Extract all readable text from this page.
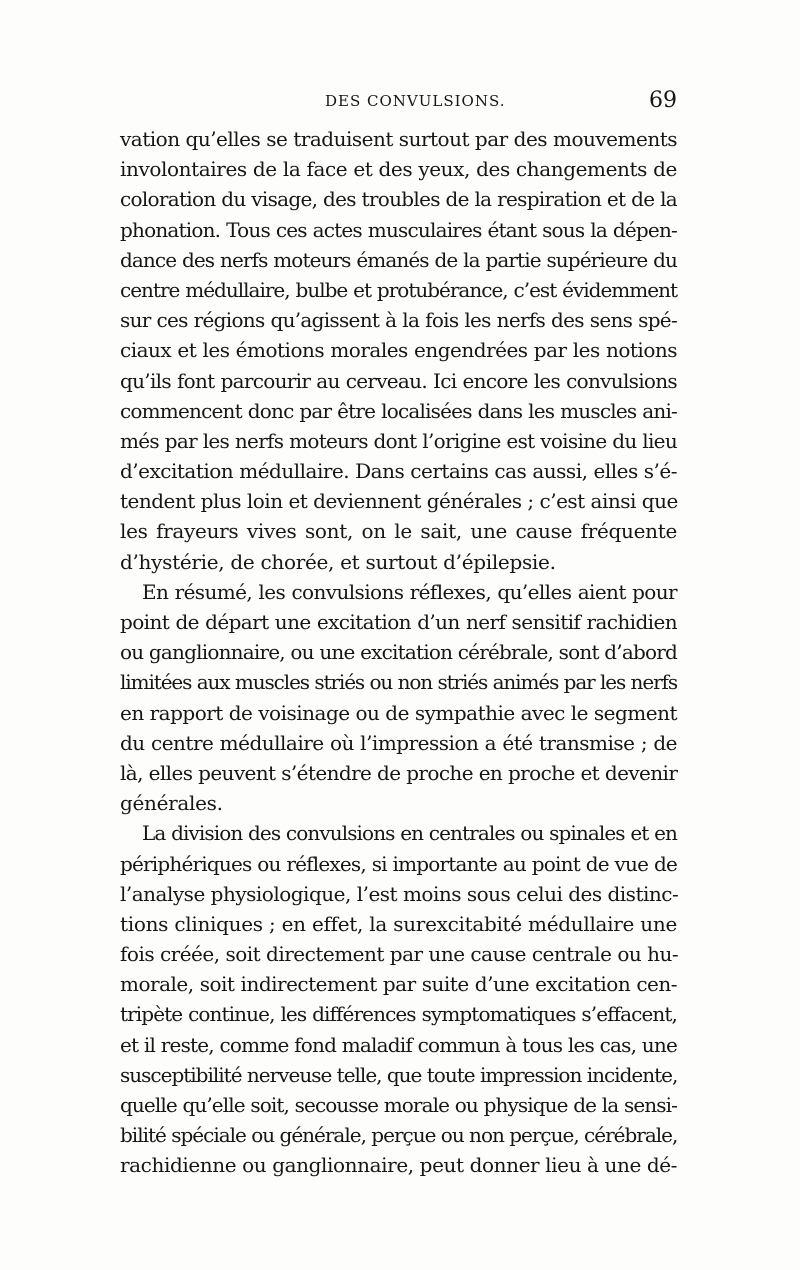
DES CONVULSIONS.	69
vation qu’elles se traduisent surtout par des mouvements
involontaires de la face et des yeux, des changements de
coloration du visage, des troubles de la respiration et de la
phonation. Tous ces actes musculaires étant sous la dépen-
dance des nerfs moteurs émanés de la partie supérieure du
centre médullaire, bulbe et protubérance, c’est évidemment
sur ces régions qu’agissent à la fois les nerfs des sens spé-
ciaux et les émotions morales engendrées par les notions
qu’ils font parcourir au cerveau. Ici encore les convulsions
commencent donc par être localisées dans les muscles ani-
més par les nerfs moteurs dont l’origine est voisine du lieu
d’excitation médullaire. Dans certains cas aussi, elles s’é-
tendent plus loin et deviennent générales ; c’est ainsi que
les frayeurs vives sont, on le sait, une cause fréquente
d’hystérie, de chorée, et surtout d’épilepsie.
En résumé, les convulsions réflexes, qu’elles aient pour
point de départ une excitation d’un nerf sensitif rachidien
ou ganglionnaire, ou une excitation cérébrale, sont d’abord
limitées aux muscles striés ou non striés animés par les nerfs
en rapport de voisinage ou de sympathie avec le segment
du centre médullaire où l’impression a été transmise ; de
là, elles peuvent s’étendre de proche en proche et devenir
générales.
La division des convulsions en centrales ou spinales et en
périphériques ou réflexes, si importante au point de vue de
l’analyse physiologique, l’est moins sous celui des distinc-
tions cliniques ; en effet, la surexcitabité médullaire une
fois créée, soit directement par une cause centrale ou hu-
morale, soit indirectement par suite d’une excitation cen-
tripète continue, les différences symptomatiques s’effacent,
et il reste, comme fond maladif commun à tous les cas, une
susceptibilité nerveuse telle, que toute impression incidente,
quelle qu’elle soit, secousse morale ou physique de la sensi-
bilité spéciale ou générale, perçue ou non perçue, cérébrale,
rachidienne ou ganglionnaire, peut donner lieu à une dé-
